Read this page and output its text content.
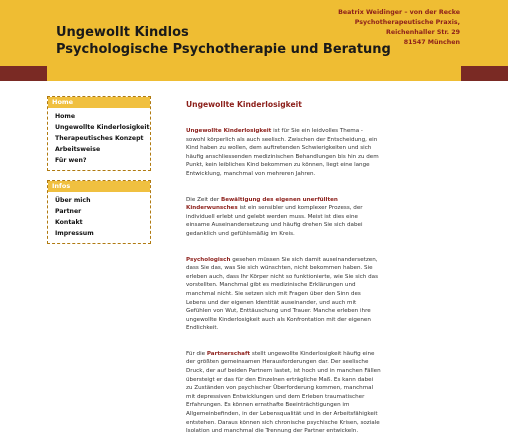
Ungewollt Kindlos
Psychologische Psychotherapie und Beratung
Beatrix Weidinger – von der Recke
Psychotherapeutische Praxis,
Reichenhaller Str. 29
81547 München
Home
Home
Ungewollte Kinderlosigkeit
Therapeutisches Konzept
Arbeitsweise
Für wen?
Infos
Über mich
Partner
Kontakt
Impressum
Ungewollte Kinderlosigkeit

Ungewollte Kinderlosigkeit ist für Sie ein leidvolles Thema - sowohl körperlich als auch seelisch. Zwischen der Entscheidung, ein Kind haben zu wollen, dem auftretenden Schwierigkeiten und sich häufig anschliessenden medizinischen Behandlungen bis hin zu dem Punkt, kein leibliches Kind bekommen zu können, liegt eine lange Entwicklung, manchmal von mehreren Jahren.

Die Zeit der Bewältigung des eigenen unerfüllten Kinderwunsches ist ein sensibler und komplexer Prozess, der individuell erlebt und gelebt werden muss. Meist ist dies eine einsame Auseinandersetzung und häufig drehen Sie sich dabei gedanklich und gefühlsmäßig im Kreis.

Psychologisch gesehen müssen Sie sich damit auseinandersetzen, dass Sie das, was Sie sich wünschten, nicht bekommen haben. Sie erleben auch, dass Ihr Körper nicht so funktionierte, wie Sie sich das vorstellten. Manchmal gibt es medizinische Erklärungen und manchmal nicht. Sie setzen sich mit Fragen über den Sinn des Lebens und der eigenen Identität auseinander, und auch mit Gefühlen von Wut, Enttäuschung und Trauer. Manche erleben ihre ungewollte Kinderlosigkeit auch als Konfrontation mit der eigenen Endlichkeit.

Für die Partnerschaft stellt ungewollte Kinderlosigkeit häufig eine der größten gemeinsamen Herausforderungen dar. Der seelische Druck, der auf beiden Partnern lastet, ist hoch und in manchen Fällen übersteigt er das für den Einzelnen erträgliche Maß. Es kann dabei zu Zuständen von psychischer Überforderung kommen, manchmal mit depressiven Entwicklungen und dem Erleben traumatischer Erfahrungen. Es können ernsthafte Beeinträchtigungen im Allgemeinbefinden, in der Lebensqualität und in der Arbeitsfähigkeit entstehen. Daraus können sich chronische psychische Krisen, soziale Isolation und manchmal die Trennung der Partner entwickeln.
